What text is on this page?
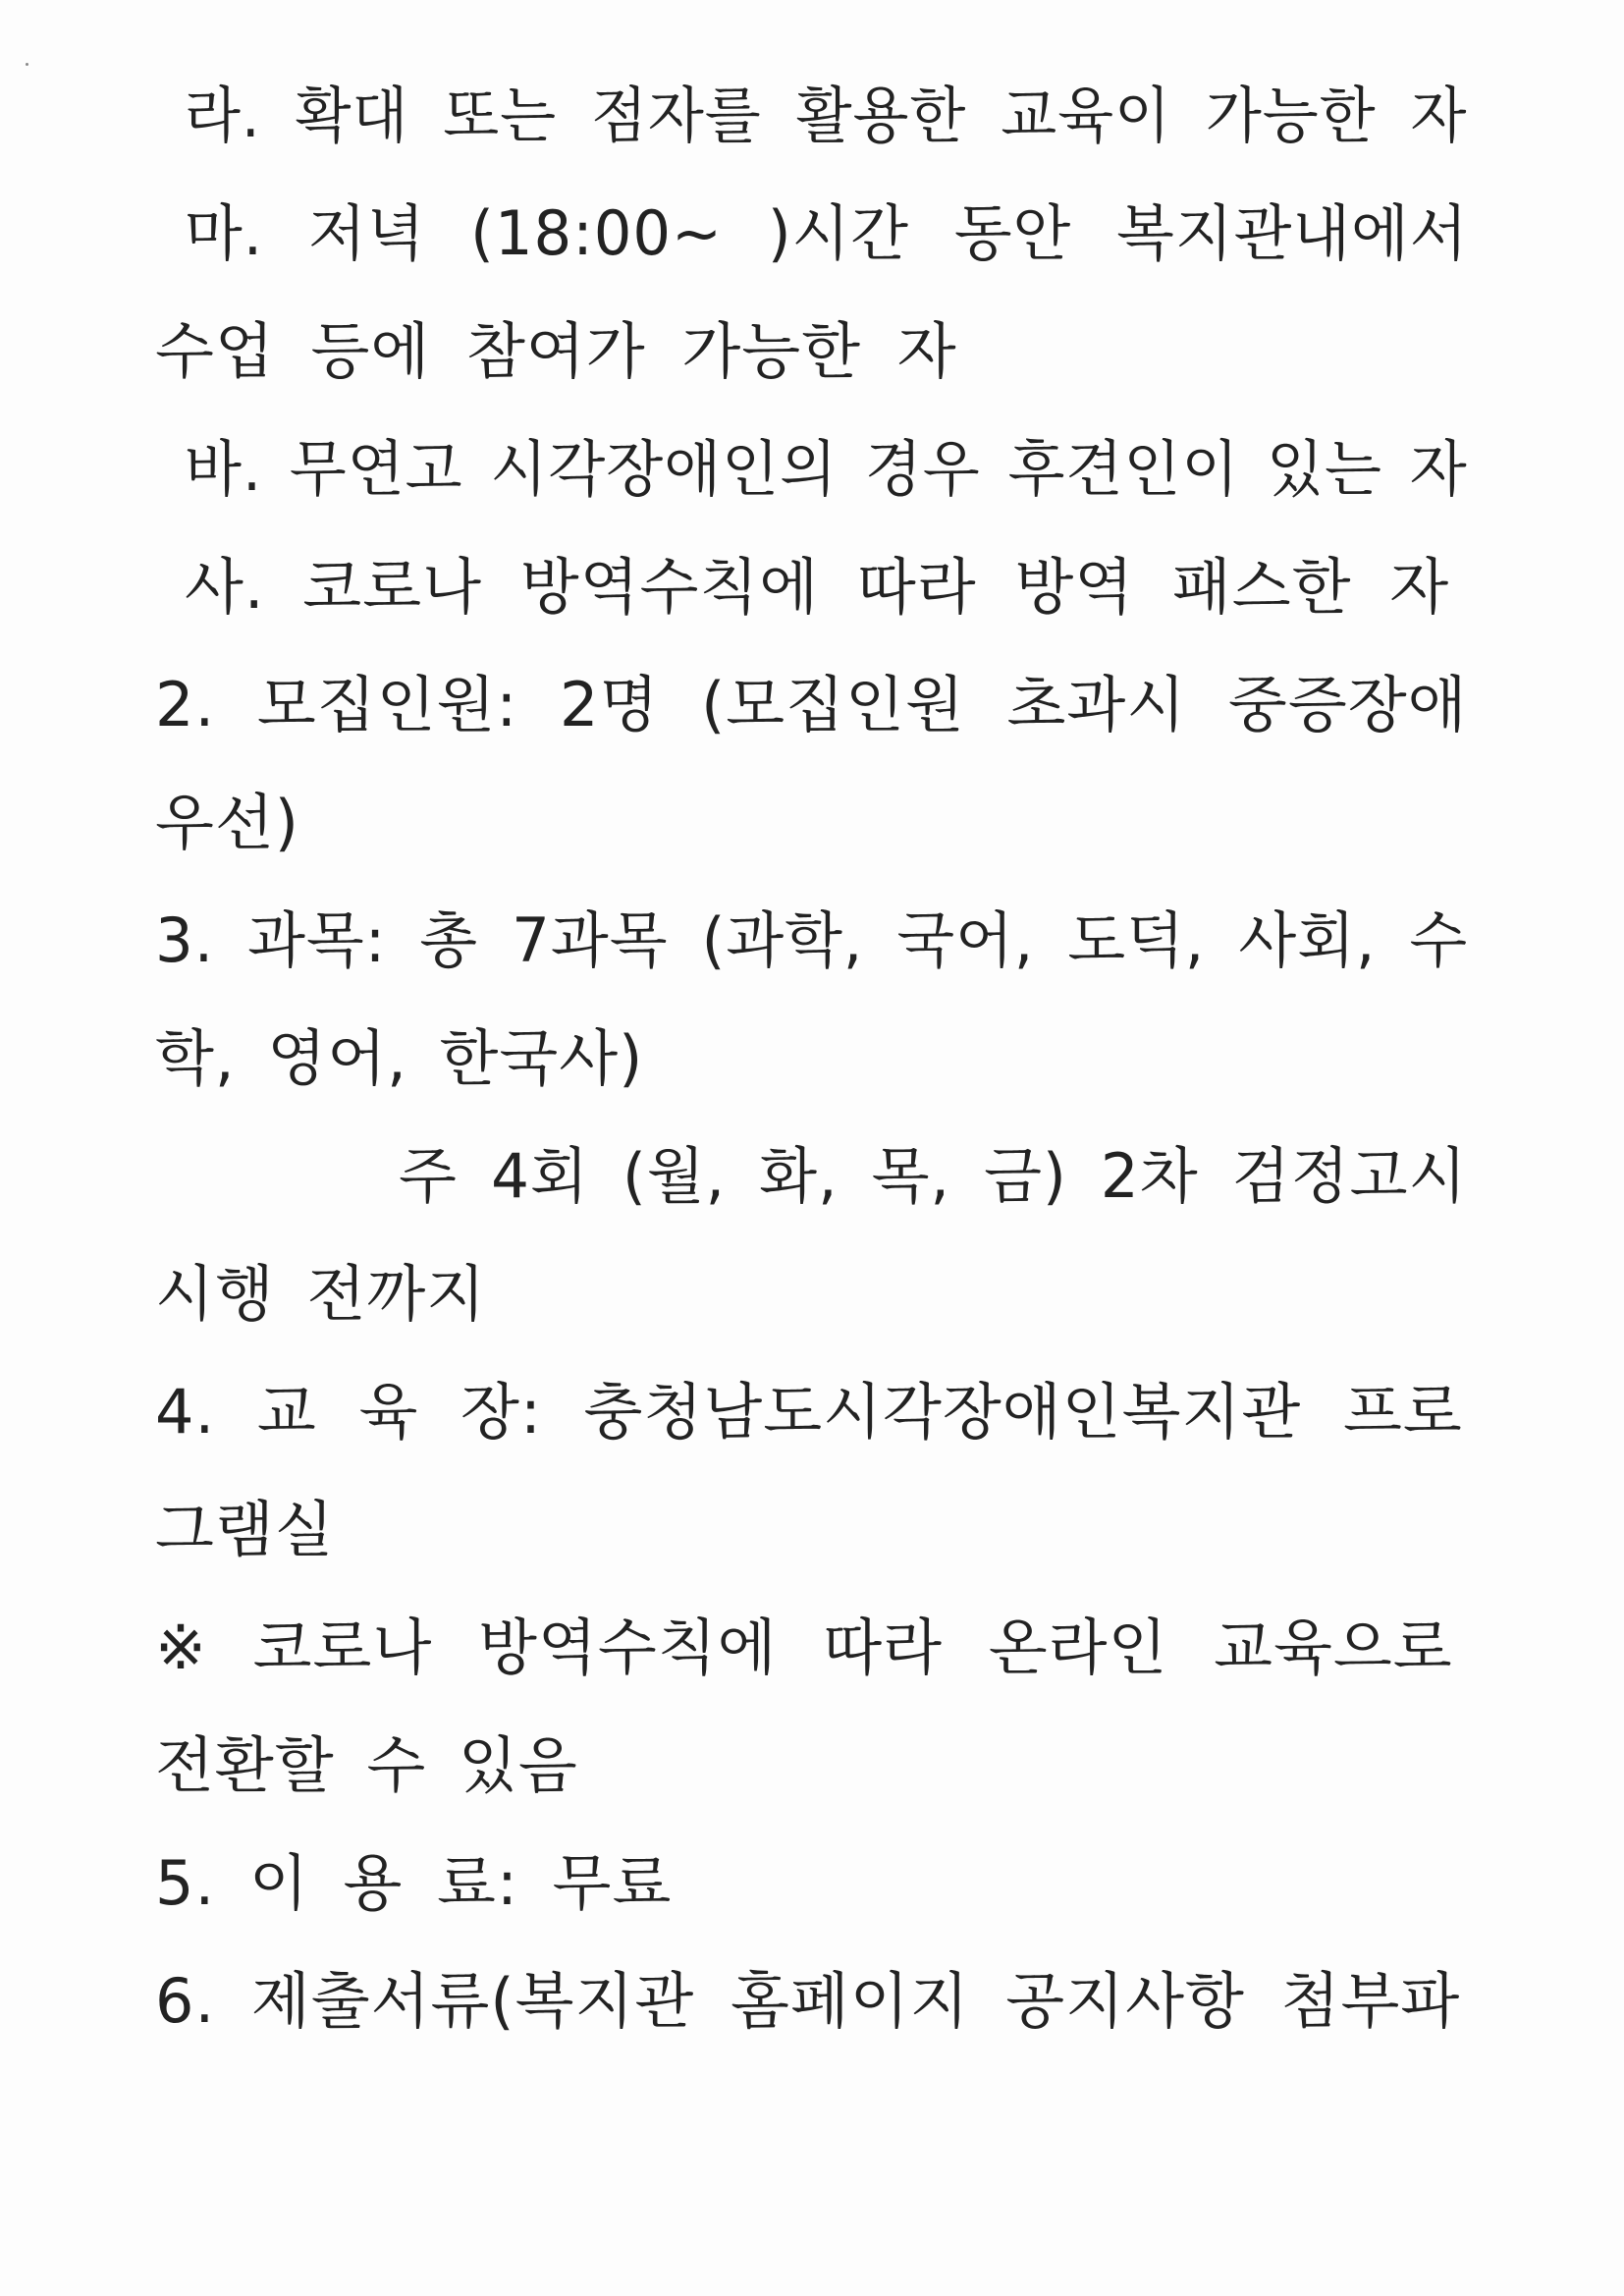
라. 확대 또는 점자를 활용한 교육이 가능한 자
마. 저녁 (18:00~ )시간 동안 복지관내에서
수업 등에 참여가 가능한 자
바. 무연고 시각장애인의 경우 후견인이 있는 자
사. 코로나 방역수칙에 따라 방역 패스한 자
2. 모집인원: 2명 (모집인원 초과시 중증장애
우선)
3. 과목: 총 7과목 (과학, 국어, 도덕, 사회, 수
학, 영어, 한국사)
주 4회 (월, 화, 목, 금) 2차 검정고시
시행 전까지
4. 교 육 장: 충청남도시각장애인복지관 프로
그램실
※ 코로나 방역수칙에 따라 온라인 교육으로
전환할 수 있음
5. 이 용 료: 무료
6. 제출서류(복지관 홈페이지 공지사항 첨부파
